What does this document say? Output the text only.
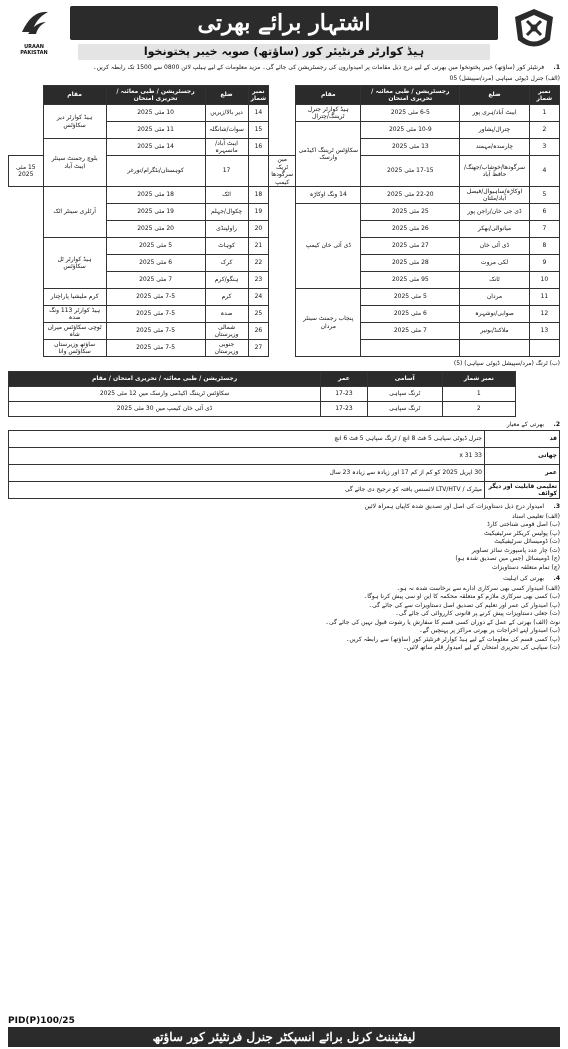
URAAN PAKISTAN
اشتہار برائے بھرتی
ہیڈ کوارٹر فرنٹیئر کور (ساؤتھ) صوبہ خیبر پختونخوا
1. فرنٹیئر کور (ساؤتھ) خیبر پختونخوا میں بھرتی کے لیے درج ذیل مقامات پر امیدواروں کی رجسٹریشن کی جائے گی۔ مزید معلومات کے لیے ہیلپ لائن 0800 سے 1500 تک رابطہ کریں۔
(الف) جنرل ڈیوٹی سپاہی (مرد/سپیشل) 05
نمبر شمار	ضلع	رجسٹریشن / طبی معائنہ / تحریری امتحان	مقام		نمبر شمار	ضلع	رجسٹریشن / طبی معائنہ / تحریری امتحان	مقام	
1	ایبٹ آباد/ہری پور	6-5 مئی 2025	ہیڈ کوارٹر جنرل ٹریننگ/چترال		14	دیر بالا/زیریں	10 مئی 2025	ہیڈ کوارٹر دیر سکاؤٹس	
2	چترال/پشاور	10-9 مئی 2025	سکاؤٹس ٹریننگ اکیڈمی وارسک		15	سوات/شانگلہ	11 مئی 2025		
3	چارسدہ/مہمند	13 مئی 2025			16	ایبٹ آباد/مانسہرہ	14 مئی 2025	بلوچ رجمنٹ سینٹر ایبٹ آباد	
4	سرگودھا/خوشاب/جھنگ/حافظ آباد	17-15 مئی 2025		مین ٹریک سرگودھا کیمپ		17	کوہستان/بٹگرام/تورغر		15 مئی 2025
5	اوکاڑہ/ساہیوال/فیصل آباد/ملتان	22-20 مئی 2025	14 ونگ اوکاڑہ		18	اٹک	18 مئی 2025	آرٹلری سینٹر اٹک	
6	ڈی جی خان/راجن پور	25 مئی 2025	ڈی آئی خان کیمپ		19	چکوال/جہلم	19 مئی 2025		
7	میانوالی/بھکر	26 مئی 2025			20	راولپنڈی	20 مئی 2025		
8	ڈی آئی خان	27 مئی 2025			21	کوہاٹ	5 مئی 2025	ہیڈ کوارٹر ٹل سکاؤٹس	
9	لکی مروت	28 مئی 2025			22	کرک	6 مئی 2025		
10	ٹانک	95 مئی 2025			23	ہنگو/کرم	7 مئی 2025		
11	مردان	5 مئی 2025	پنجاب رجمنٹ سینٹر مردان		24	کرم	7-5 مئی 2025	کرم ملیشیا پاراچنار	
12	صوابی/نوشہرہ	6 مئی 2025			25	صدہ	7-5 مئی 2025	ہیڈ کوارٹر 113 ونگ صدہ	
13	ملاکنڈ/بونیر	7 مئی 2025			26	شمالی وزیرستان	7-5 مئی 2025	ٹوچی سکاؤٹس میران شاہ	
					27	جنوبی وزیرستان	7-5 مئی 2025	ساؤتھ وزیرستان سکاؤٹس وانا	
(ب) ٹرنگ (مرد/سپیشل ڈیوٹی سپاہی) (5)
نمبر شمار	آسامی	عمر	رجسٹریشن / طبی معائنہ / تحریری امتحان / مقام
1	ٹرنگ سپاہی	17-23	سکاؤٹس ٹریننگ اکیڈمی وارسک میں 12 مئی 2025
2	ٹرنگ سپاہی	17-23	ڈی آئی خان کیمپ میں 30 مئی 2025
2. بھرتی کے معیار
قد	جنرل ڈیوٹی سپاہی 5 فٹ 8 انچ / ٹرنگ سپاہی 5 فٹ 6 انچ
چھاتی	33 x 31
عمر	30 اپریل 2025 کو کم از کم 17 اور زیادہ سے زیادہ 23 سال
تعلیمی قابلیت اور دیگر کوائف	میٹرک / LTV/HTV لائسنس یافتہ کو ترجیح دی جائے گی
3. امیدوار درج ذیل دستاویزات کی اصل اور تصدیق شدہ کاپیاں ہمراہ لائیں
(الف) تعلیمی اسناد
(ب) اصل قومی شناختی کارڈ
(پ) پولیس کریکٹر سرٹیفیکیٹ
(ت) ڈومیسائل سرٹیفیکیٹ
(ث) چار عدد پاسپورٹ سائز تصاویر
(ج) ڈومیسائل (جس میں تصدیق شدہ ہو)
(چ) تمام متعلقہ دستاویزات
4. بھرتی کی اہلیت
(الف) امیدوار کسی بھی سرکاری ادارے سے برخاست شدہ نہ ہو۔
(ب) کسی بھی سرکاری ملازم کو متعلقہ محکمہ کا این او سی پیش کرنا ہوگا۔
(پ) امیدوار کی عمر اور تعلیم کی تصدیق اصل دستاویزات سے کی جائے گی۔
(ت) جعلی دستاویزات پیش کرنے پر قانونی کارروائی کی جائے گی۔
نوٹ (الف) بھرتی کے عمل کے دوران کسی قسم کا سفارش یا رشوت قبول نہیں کی جائے گی۔
(ب) امیدوار اپنے اخراجات پر بھرتی مراکز پر پہنچیں گے۔
(پ) کسی قسم کی معلومات کے لیے ہیڈ کوارٹر فرنٹیئر کور (ساؤتھ) سے رابطہ کریں۔
(ت) سپاہی کی تحریری امتحان کے لیے امیدوار قلم ساتھ لائیں۔
PID(P)100/25
لیفٹیننٹ کرنل برائے انسپکٹر جنرل فرنٹیئر کور ساؤتھ
